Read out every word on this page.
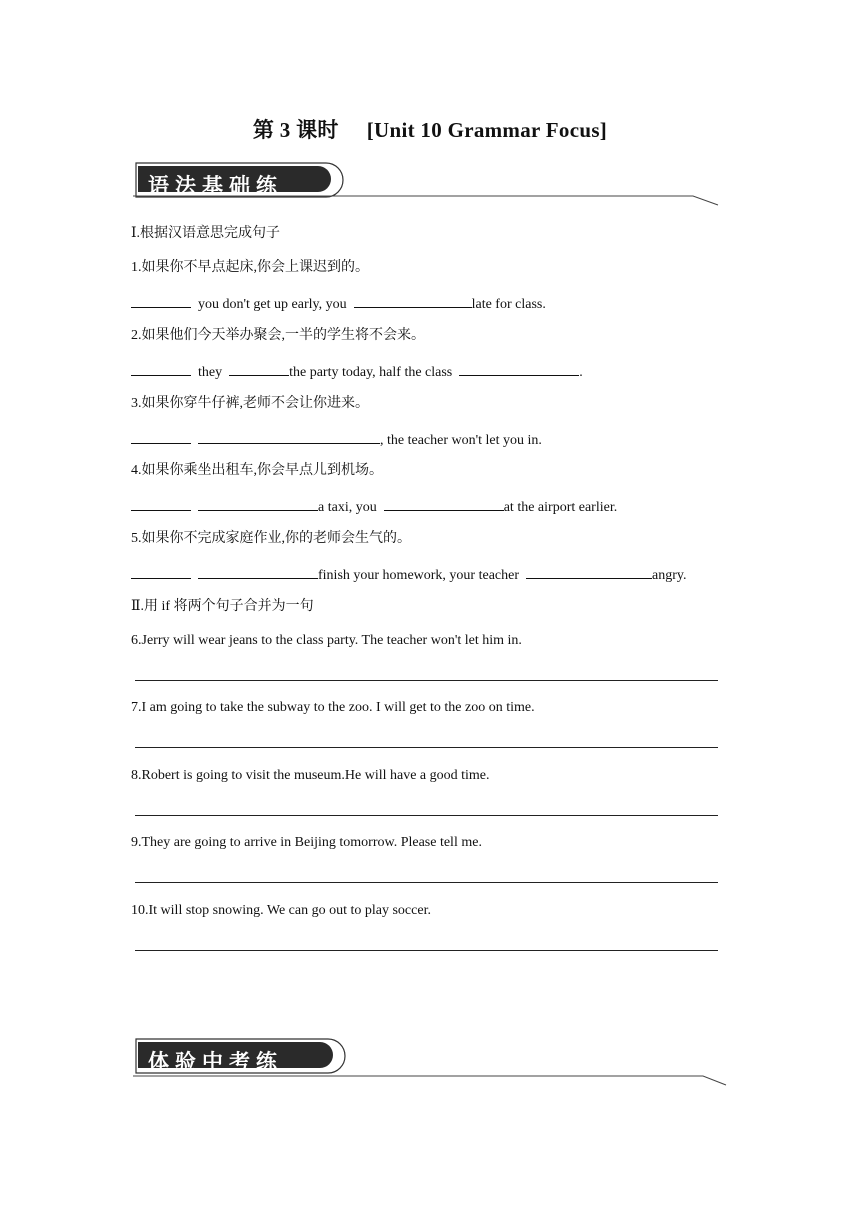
第 3 课时 [Unit 10 Grammar Focus]
语法基础练
Ⅰ.根据汉语意思完成句子
1.如果你不早点起床,你会上课迟到的。
you don't get up early, you	late for class.
2.如果他们今天举办聚会,一半的学生将不会来。
they	the party today, half the class	.
3.如果你穿牛仔裤,老师不会让你进来。
, the teacher won't let you in.
4.如果你乘坐出租车,你会早点儿到机场。
a taxi, you	at the airport earlier.
5.如果你不完成家庭作业,你的老师会生气的。
finish your homework, your teacher	angry.
Ⅱ.用 if 将两个句子合并为一句
6.Jerry will wear jeans to the class party. The teacher won't let him in.
7.I am going to take the subway to the zoo. I will get to the zoo on time.
8.Robert is going to visit the museum.He will have a good time.
9.They are going to arrive in Beijing tomorrow. Please tell me.
10.It will stop snowing. We can go out to play soccer.
体验中考练
